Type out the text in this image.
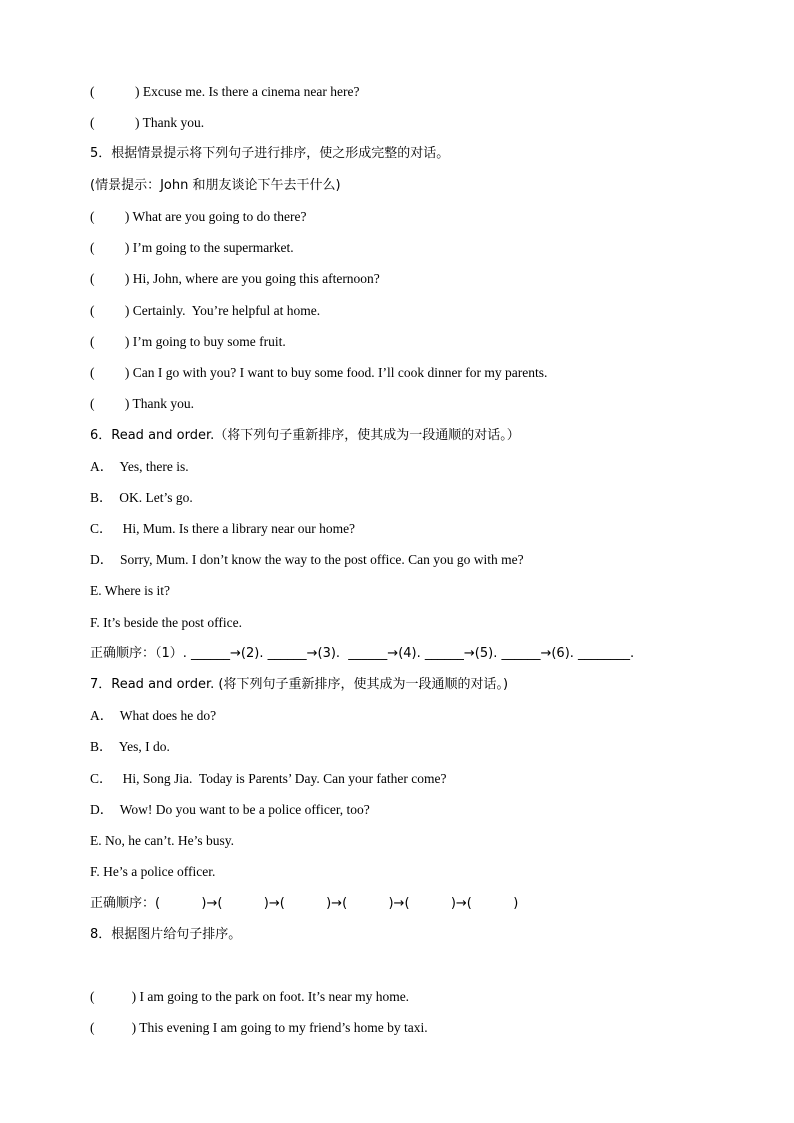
(            ) Excuse me. Is there a cinema near here?
(            ) Thank you.
5．根据情景提示将下列句子进行排序，使之形成完整的对话。
(情景提示：John 和朋友谈论下午去干什么)
(         ) What are you going to do there?
(         ) I’m going to the supermarket.
(         ) Hi, John, where are you going this afternoon?
(         ) Certainly.  You’re helpful at home.
(         ) I’m going to buy some fruit.
(         ) Can I go with you? I want to buy some food. I’ll cook dinner for my parents.
(         ) Thank you.
6．Read and order.（将下列句子重新排序，使其成为一段通顺的对话。）
A．  Yes, there is.
B．  OK. Let’s go.
C．   Hi, Mum. Is there a library near our home?
D．  Sorry, Mum. I don’t know the way to the post office. Can you go with me?
E. Where is it?
F. It’s beside the post office.
正确顺序：（1）. ______→(2). ______→(3).  ______→(4). ______→(5). ______→(6). ________.
7．Read and order. (将下列句子重新排序，使其成为一段通顺的对话。)
A．  What does he do?
B．  Yes, I do.
C．   Hi, Song Jia.  Today is Parents’ Day. Can your father come?
D．  Wow! Do you want to be a police officer, too?
E. No, he can’t. He’s busy.
F. He’s a police officer.
正确顺序：(          )→(          )→(          )→(          )→(          )→(          )
8．根据图片给句子排序。
(           ) I am going to the park on foot. It’s near my home.
(           ) This evening I am going to my friend’s home by taxi.
